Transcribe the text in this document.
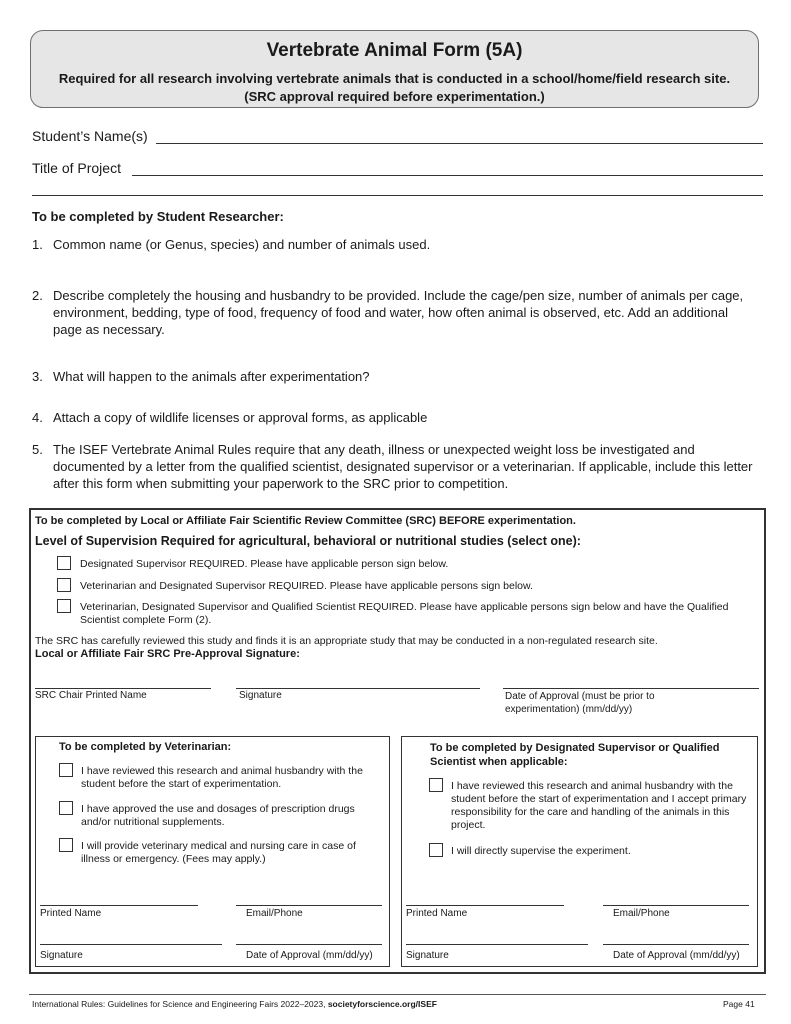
Vertebrate Animal Form (5A)
Required for all research involving vertebrate animals that is conducted in a school/home/field research site.
(SRC approval required before experimentation.)
Student’s Name(s)
Title of Project
To be completed by Student Researcher:
1. Common name (or Genus, species) and number of animals used.
2. Describe completely the housing and husbandry to be provided. Include the cage/pen size, number of animals per cage, environment, bedding, type of food, frequency of food and water, how often animal is observed, etc. Add an additional page as necessary.
3. What will happen to the animals after experimentation?
4. Attach a copy of wildlife licenses or approval forms, as applicable
5. The ISEF Vertebrate Animal Rules require that any death, illness or unexpected weight loss be investigated and documented by a letter from the qualified scientist, designated supervisor or a veterinarian. If applicable, include this letter after this form when submitting your paperwork to the SRC prior to competition.
To be completed by Local or Affiliate Fair Scientific Review Committee (SRC) BEFORE experimentation.
Level of Supervision Required for agricultural, behavioral or nutritional studies (select one):
Designated Supervisor REQUIRED. Please have applicable person sign below.
Veterinarian and Designated Supervisor REQUIRED. Please have applicable persons sign below.
Veterinarian, Designated Supervisor and Qualified Scientist REQUIRED. Please have applicable persons sign below and have the Qualified Scientist complete Form (2).
The SRC has carefully reviewed this study and finds it is an appropriate study that may be conducted in a non-regulated research site.
Local or Affiliate Fair SRC Pre-Approval Signature:
SRC Chair Printed Name	Signature	Date of Approval (must be prior to experimentation) (mm/dd/yy)
To be completed by Veterinarian:
I have reviewed this research and animal husbandry with the student before the start of experimentation.
I have approved the use and dosages of prescription drugs and/or nutritional supplements.
I will provide veterinary medical and nursing care in case of illness or emergency. (Fees may apply.)
Printed Name	Email/Phone
Signature	Date of Approval (mm/dd/yy)
To be completed by Designated Supervisor or Qualified Scientist when applicable:
I have reviewed this research and animal husbandry with the student before the start of experimentation and I accept primary responsibility for the care and handling of the animals in this project.
I will directly supervise the experiment.
Printed Name	Email/Phone
Signature	Date of Approval (mm/dd/yy)
International Rules: Guidelines for Science and Engineering Fairs 2022–2023, societyforscience.org/ISEF	Page 41
